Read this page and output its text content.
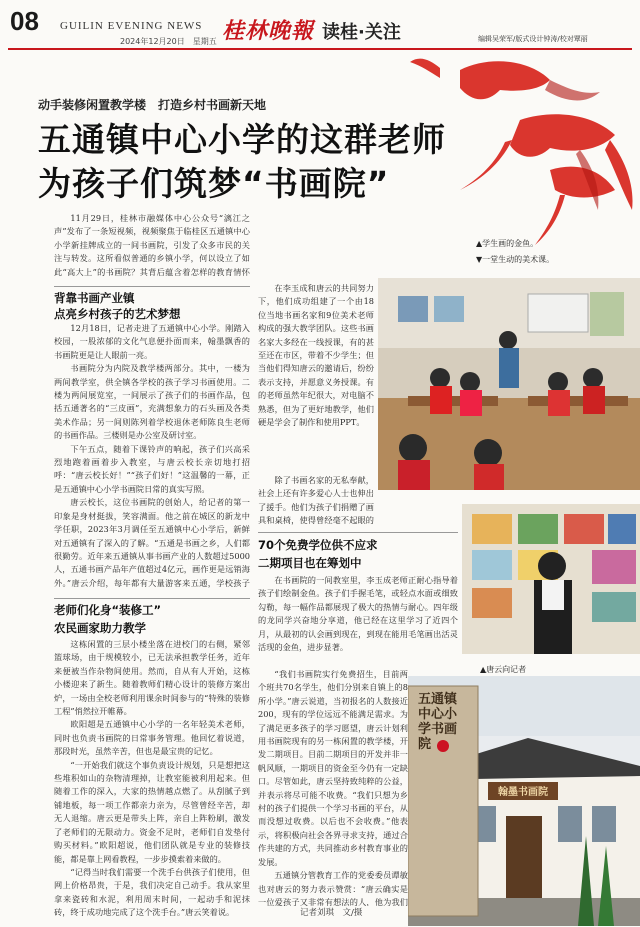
08 GUILIN EVENING NEWS
2024年12月20日　星期五 桂林晚報 读桂·关注	编辑吴荣军/版式设计钟涛/校对覃丽
动手装修闲置教学楼　打造乡村书画新天地
五通镇中心小学的这群老师
为孩子们筑梦“书画院”
▲学生画的金鱼。
▼一堂生动的美术课。

11月29日，桂林市融媒体中心公众号“漓江之声”发布了一条短视频，视频聚焦于临桂区五通镇中心小学新挂牌成立的一间书画院，引发了众多市民的关注与转发。这所看似普通的乡镇小学，何以设立了如此“高大上”的书画院？其背后蕴含着怎样的教育情怀

背靠书画产业镇
点亮乡村孩子的艺术梦想

12月18日，记者走进了五通镇中心小学。刚踏入校园，一股浓郁的文化气息便扑面而来，翰墨飘香的书画院更是让人眼前一亮。

书画院分为内院及教学楼两部分。其中，一楼为两间教学室，供全镇各学校的孩子学习书画使用。二楼为两间展览室，一间展示了孩子们的书画作品，包括五通著名的“三皮画”，充满想象力的石头画及各类美术作品；另一间则陈列着学校退休老师陈良生老师的书画作品。三楼则是办公室及研讨室。

下午五点，随着下课铃声的响起，孩子们兴高采烈地跑着画着步入教室，与唐云校长亲切地打招呼：“唐云校长好！”“孩子们好！”这温馨的一幕，正是五通镇中心小学书画院日常的真实写照。

唐云校长，这位书画院的创始人，给记者的第一印象是身材挺拔，笑容满面。他之前在城区的新龙中学任职，2023年3月调任至五通镇中心小学后，新鲜对五通镇有了深入的了解。“五通是书画之乡，人们都很勤劳。近年来五通镇从事书画产业的人数超过5000人，五通书画产品年产值超过4亿元，画作更是远销海外。”唐云介绍，每年都有大量游客来五通，学校孩子

老师们化身“装修工”
农民画家助力教学

这栋闲置的三层小楼坐落在进校门的右侧，紧邻篮球场，由于规模较小，已无法承担教学任务，近年来便被当作杂物间使用。然而，自从有人开始，这栋小楼迎来了新生。随着教师们精心设计的装修方案出炉，一场由全校老师利用课余时间参与的“特殊的装修工程”悄然拉开帷幕。

欧阳超是五通镇中心小学的一名年轻美术老师，同时也负责书画院的日常事务管理。他回忆着说道，那段时光，虽然辛苦，但也是最宝贵的记忆。

“一开始我们就这个事负责设计规划，只是想把这些堆积如山的杂物清理掉，让教室能被利用起来。但随着工作的深入，大家的热情越点燃了。从刮腻子到铺地板，每一项工作都亲力亲为，尽管曾经辛苦，却无人退缩。唐云更是带头上阵，亲自上阵粉刷，激发了老师们的无限动力。资金不足时，老师们自发垫付购买材料。”欧阳超说，他们团队就是专业的装修技能，都是靠上网看教程，一步步摸索着来做的。

“记得当时我们需要一个洗手台供孩子们使用，但网上价格昂贵，于是，我们决定自己动手。我从家里拿来瓷砖和水泥，利用周末时间，一起动手和泥抹砖，终于成功地完成了这个洗手台。”唐云笑着说。

在李玉成和唐云的共同努力下，他们成功组建了一个由18位当地书画名家和9位美术老师构成的强大教学团队。这些书画名家大多经在一线授课，有的甚至还在市区，带着不少学生；但当他们得知唐云的邀请后，纷纷表示支持，并愿意义务授课。有的老师虽然年纪很大，对电脑不熟悉，但为了更好地教学，他们硬是学会了制作和使用PPT。

除了书画名家的无私奉献，社会上还有许多爱心人士也伸出了援手。他们为孩子们捐赠了画具和桌椅，使得曾经毫不起眼的

70个免费学位供不应求
二期项目也在筹划中

在书画院的一间教室里，李玉成老师正耐心指导着孩子们绘制金鱼。孩子们手握毛笔，或轻点水面或细致勾勒，每一幅作品都展现了极大的热情与耐心。四年级的龙同学兴奋地分享道，他已经在这里学习了近四个月，从最初的认会画到现在，到现在能用毛笔画出活灵活现的金鱼，进步显著。

▲唐云向记者

“我们书画院实行免费招生，目前两个班共70名学生，他们分别来自镇上的8所小学。”唐云说道，当初报名的人数接近200，现有的学位远远不能满足需求。为了满足更多孩子的学习愿望，唐云计划利用书画院现有的另一栋闲置的教学楼，开发二期项目。目前二期项目的开发并非一帆风顺，一期项目的资金至今仍有一定缺口。尽管如此，唐云坚持致纯粹的公益，并表示将尽可能不收费。“我们只想为乡村的孩子们提供一个学习书画的平台，从而没想过收费。以后也不会收费。”他表示，将积极向社会各界寻求支持，通过合作共建的方式，共同推动乡村教育事业的发展。

五通镇分管教育工作的党委委员谭敏也对唐云的努力表示赞赏：“唐云确实是一位爱孩子又非常有想法的人，他为我们

记者刘琪　文/摄
五通镇中心小学书画院
翰墨书画院
